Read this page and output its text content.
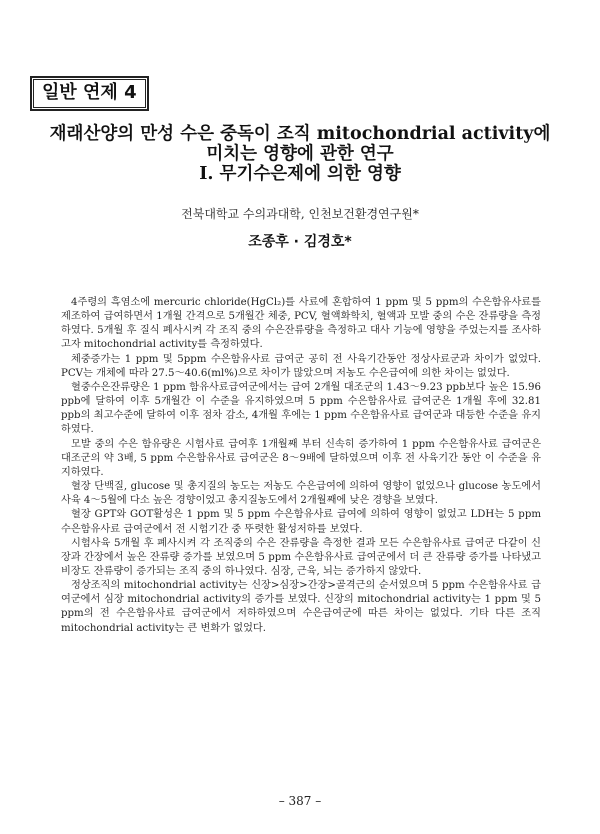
일반 연제 4
재래산양의 만성 수은 중독이 조직 mitochondrial activity에
미치는 영향에 관한 연구
Ⅰ. 무기수은제에 의한 영향
전북대학교 수의과대학, 인천보건환경연구원*
조종후 · 김경호*

4주령의 흑염소에 mercuric chloride(HgCl₂)를 사료에 혼합하여 1 ppm 및 5 ppm의 수은함유사료를 제조하여 급여하면서 1개월 간격으로 5개월간 체중, PCV, 혈액화학치, 혈액과 모발 중의 수은 잔류량을 측정하였다. 5개월 후 질식 폐사시켜 각 조직 중의 수은잔류량을 측정하고 대사 기능에 영향을 주었는지를 조사하고자 mitochondrial activity를 측정하였다.

체중증가는 1 ppm 및 5ppm 수은함유사료 급여군 공히 전 사육기간동안 정상사료군과 차이가 없었다. PCV는 개체에 따라 27.5～40.6(ml%)으로 차이가 많았으며 저농도 수은급여에 의한 차이는 없었다.

혈중수은잔류량은 1 ppm 함유사료급여군에서는 급여 2개월 대조군의 1.43～9.23 ppb보다 높은 15.96 ppb에 달하여 이후 5개월간 이 수준을 유지하였으며 5 ppm 수은함유사료 급여군은 1개월 후에 32.81 ppb의 최고수준에 달하여 이후 점차 감소, 4개월 후에는 1 ppm 수은함유사료 급여군과 대등한 수준을 유지하였다.

모발 중의 수은 함유량은 시험사료 급여후 1개월째 부터 신속히 증가하여 1 ppm 수은함유사료 급여군은 대조군의 약 3배, 5 ppm 수은함유사료 급여군은 8～9배에 달하였으며 이후 전 사육기간 동안 이 수준을 유지하였다.

혈장 단백질, glucose 및 총지질의 농도는 저농도 수은급여에 의하여 영향이 없었으나 glucose 농도에서 사육 4～5월에 다소 높은 경향이었고 총지질농도에서 2개월째에 낮은 경향을 보였다.

혈장 GPT와 GOT활성은 1 ppm 및 5 ppm 수은함유사료 급여에 의하여 영향이 없었고 LDH는 5 ppm 수은함유사료 급여군에서 전 시험기간 중 뚜렷한 활성저하를 보였다.

시험사육 5개월 후 폐사시켜 각 조직중의 수은 잔류량을 측정한 결과 모든 수은함유사료 급여군 다같이 신장과 간장에서 높은 잔류량 증가를 보였으며 5 ppm 수은함유사료 급여군에서 더 큰 잔류량 증가를 나타냈고 비장도 잔류량이 증가되는 조직 중의 하나였다. 심장, 근육, 뇌는 증가하지 않았다.

정상조직의 mitochondrial activity는 신장>심장>간장>골격근의 순서였으며 5 ppm 수은함유사료 급여군에서 심장 mitochondrial activity의 증가를 보였다. 신장의 mitochondrial activity는 1 ppm 및 5 ppm의 전 수은함유사료 급여군에서 저하하였으며 수은급여군에 따른 차이는 없었다. 기타 다른 조직 mitochondrial activity는 큰 변화가 없었다.

– 387 –
